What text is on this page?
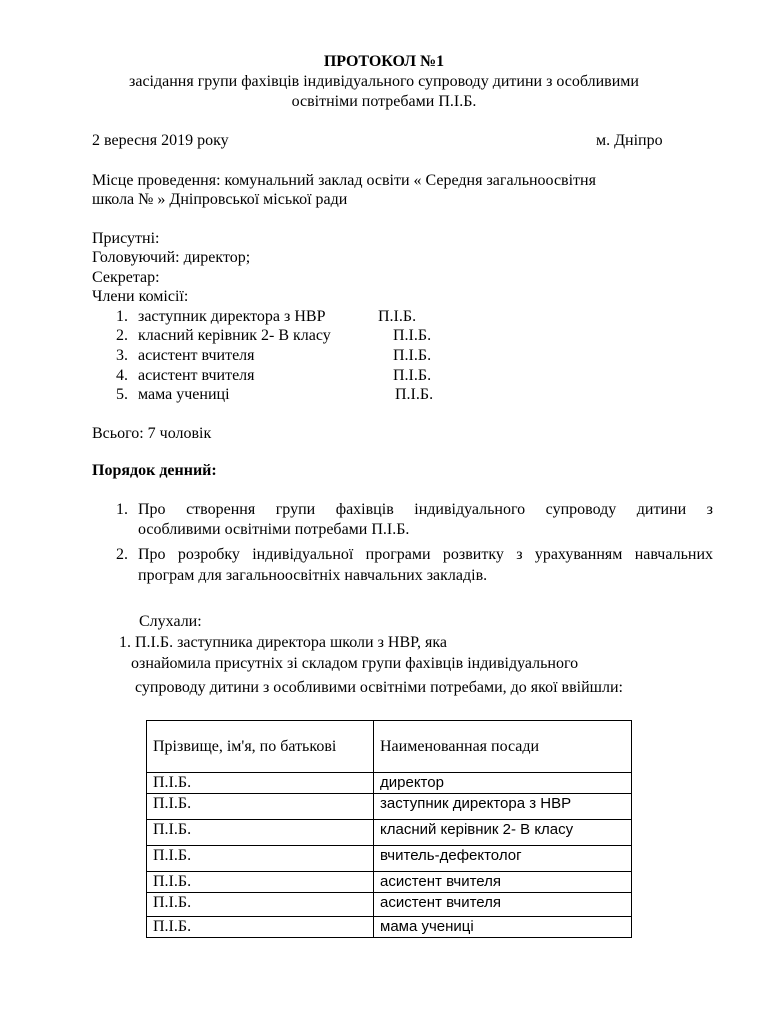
ПРОТОКОЛ №1
засідання групи фахівців індивідуального супроводу дитини з особливими
освітніми потребами П.І.Б.
2 вересня 2019 року	м. Дніпро
Місце проведення: комунальний заклад освіти « Середня загальноосвітня
школа № » Дніпровської міської ради
Присутні:
Головуючий: директор;
Секретар:
Члени комісії:
1. заступник директора з НВР	П.І.Б.
2. класний керівник 2- В класу	П.І.Б.
3. асистент вчителя	П.І.Б.
4. асистент вчителя	П.І.Б.
5. мама учениці	П.І.Б.
Всього: 7 чоловік
Порядок денний:
1. Про створення групи фахівців індивідуального супроводу дитини з
особливими освітніми потребами П.І.Б.
2. Про розробку індивідуальної програми розвитку з урахуванням навчальних
програм для загальноосвітніх навчальних закладів.
Слухали:
1. П.І.Б. заступника директора школи з НВР, яка
ознайомила присутніх зі складом групи фахівців індивідуального
супроводу дитини з особливими освітніми потребами, до якої ввійшли:
Прізвище, ім'я, по батькові	Наименованная посади
П.І.Б.	директор
П.І.Б.	заступник директора з НВР
П.І.Б.	класний керівник 2- В класу
П.І.Б.	вчитель-дефектолог
П.І.Б.	асистент вчителя
П.І.Б.	асистент вчителя
П.І.Б.	мама учениці
